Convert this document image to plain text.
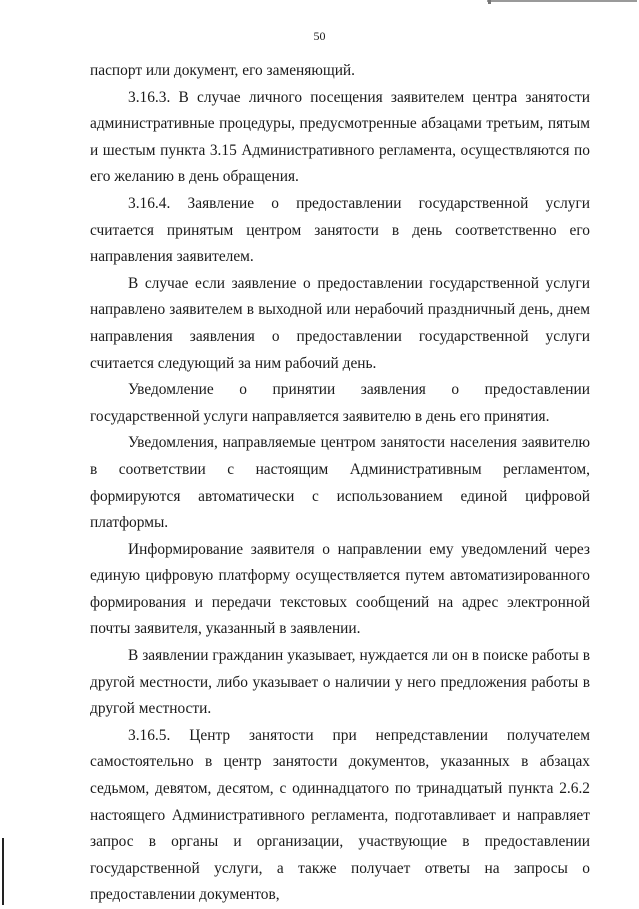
50

паспорт или документ, его заменяющий.

3.16.3. В случае личного посещения заявителем центра занятости административные процедуры, предусмотренные абзацами третьим, пятым и шестым пункта 3.15 Административного регламента, осуществляются по его желанию в день обращения.

3.16.4. Заявление о предоставлении государственной услуги считается принятым центром занятости в день соответственно его направления заявителем.

В случае если заявление о предоставлении государственной услуги направлено заявителем в выходной или нерабочий праздничный день, днем направления заявления о предоставлении государственной услуги считается следующий за ним рабочий день.

Уведомление о принятии заявления о предоставлении государственной услуги направляется заявителю в день его принятия.

Уведомления, направляемые центром занятости населения заявителю в соответствии с настоящим Административным регламентом, формируются автоматически с использованием единой цифровой платформы.

Информирование заявителя о направлении ему уведомлений через единую цифровую платформу осуществляется путем автоматизированного формирования и передачи текстовых сообщений на адрес электронной почты заявителя, указанный в заявлении.

В заявлении гражданин указывает, нуждается ли он в поиске работы в другой местности, либо указывает о наличии у него предложения работы в другой местности.

3.16.5. Центр занятости при непредставлении получателем самостоятельно в центр занятости документов, указанных в абзацах седьмом, девятом, десятом, с одиннадцатого по тринадцатый пункта 2.6.2 настоящего Административного регламента, подготавливает и направляет запрос в органы и организации, участвующие в предоставлении государственной услуги, а также получает ответы на запросы о предоставлении документов,
